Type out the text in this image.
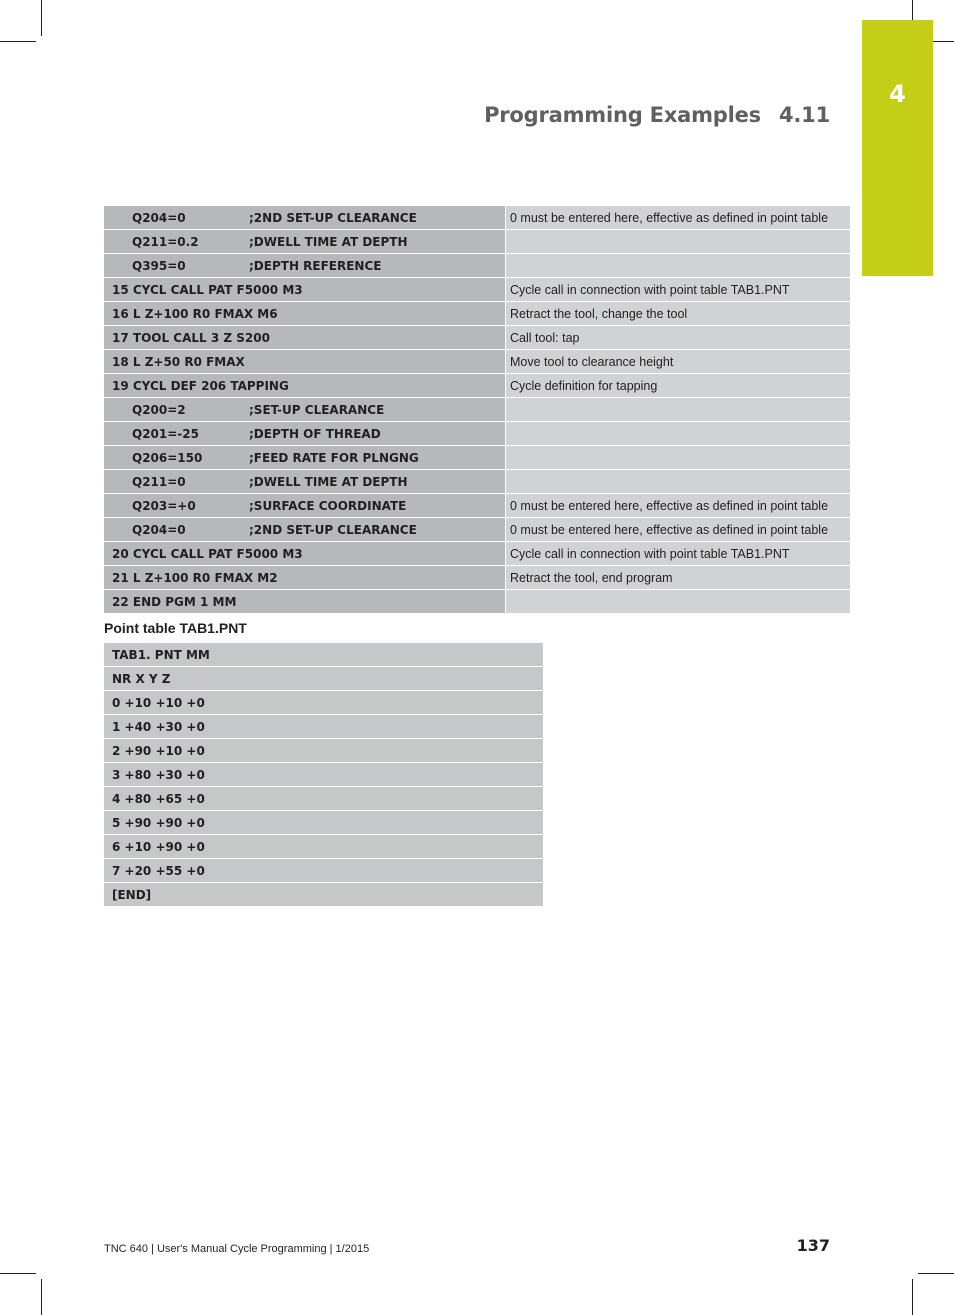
4
Programming Examples 4.11
Q204=0 ;2ND SET-UP CLEARANCE	0 must be entered here, effective as defined in point table
Q211=0.2 ;DWELL TIME AT DEPTH	
Q395=0 ;DEPTH REFERENCE	
15 CYCL CALL PAT F5000 M3	Cycle call in connection with point table TAB1.PNT
16 L Z+100 R0 FMAX M6	Retract the tool, change the tool
17 TOOL CALL 3 Z S200	Call tool: tap
18 L Z+50 R0 FMAX	Move tool to clearance height
19 CYCL DEF 206 TAPPING	Cycle definition for tapping
Q200=2 ;SET-UP CLEARANCE	
Q201=-25 ;DEPTH OF THREAD	
Q206=150 ;FEED RATE FOR PLNGNG	
Q211=0 ;DWELL TIME AT DEPTH	
Q203=+0 ;SURFACE COORDINATE	0 must be entered here, effective as defined in point table
Q204=0 ;2ND SET-UP CLEARANCE	0 must be entered here, effective as defined in point table
20 CYCL CALL PAT F5000 M3	Cycle call in connection with point table TAB1.PNT
21 L Z+100 R0 FMAX M2	Retract the tool, end program
22 END PGM 1 MM	
Point table TAB1.PNT
TAB1. PNT MM
NR X Y Z
0 +10 +10 +0
1 +40 +30 +0
2 +90 +10 +0
3 +80 +30 +0
4 +80 +65 +0
5 +90 +90 +0
6 +10 +90 +0
7 +20 +55 +0
[END]
TNC 640 | User's Manual Cycle Programming | 1/2015	137
